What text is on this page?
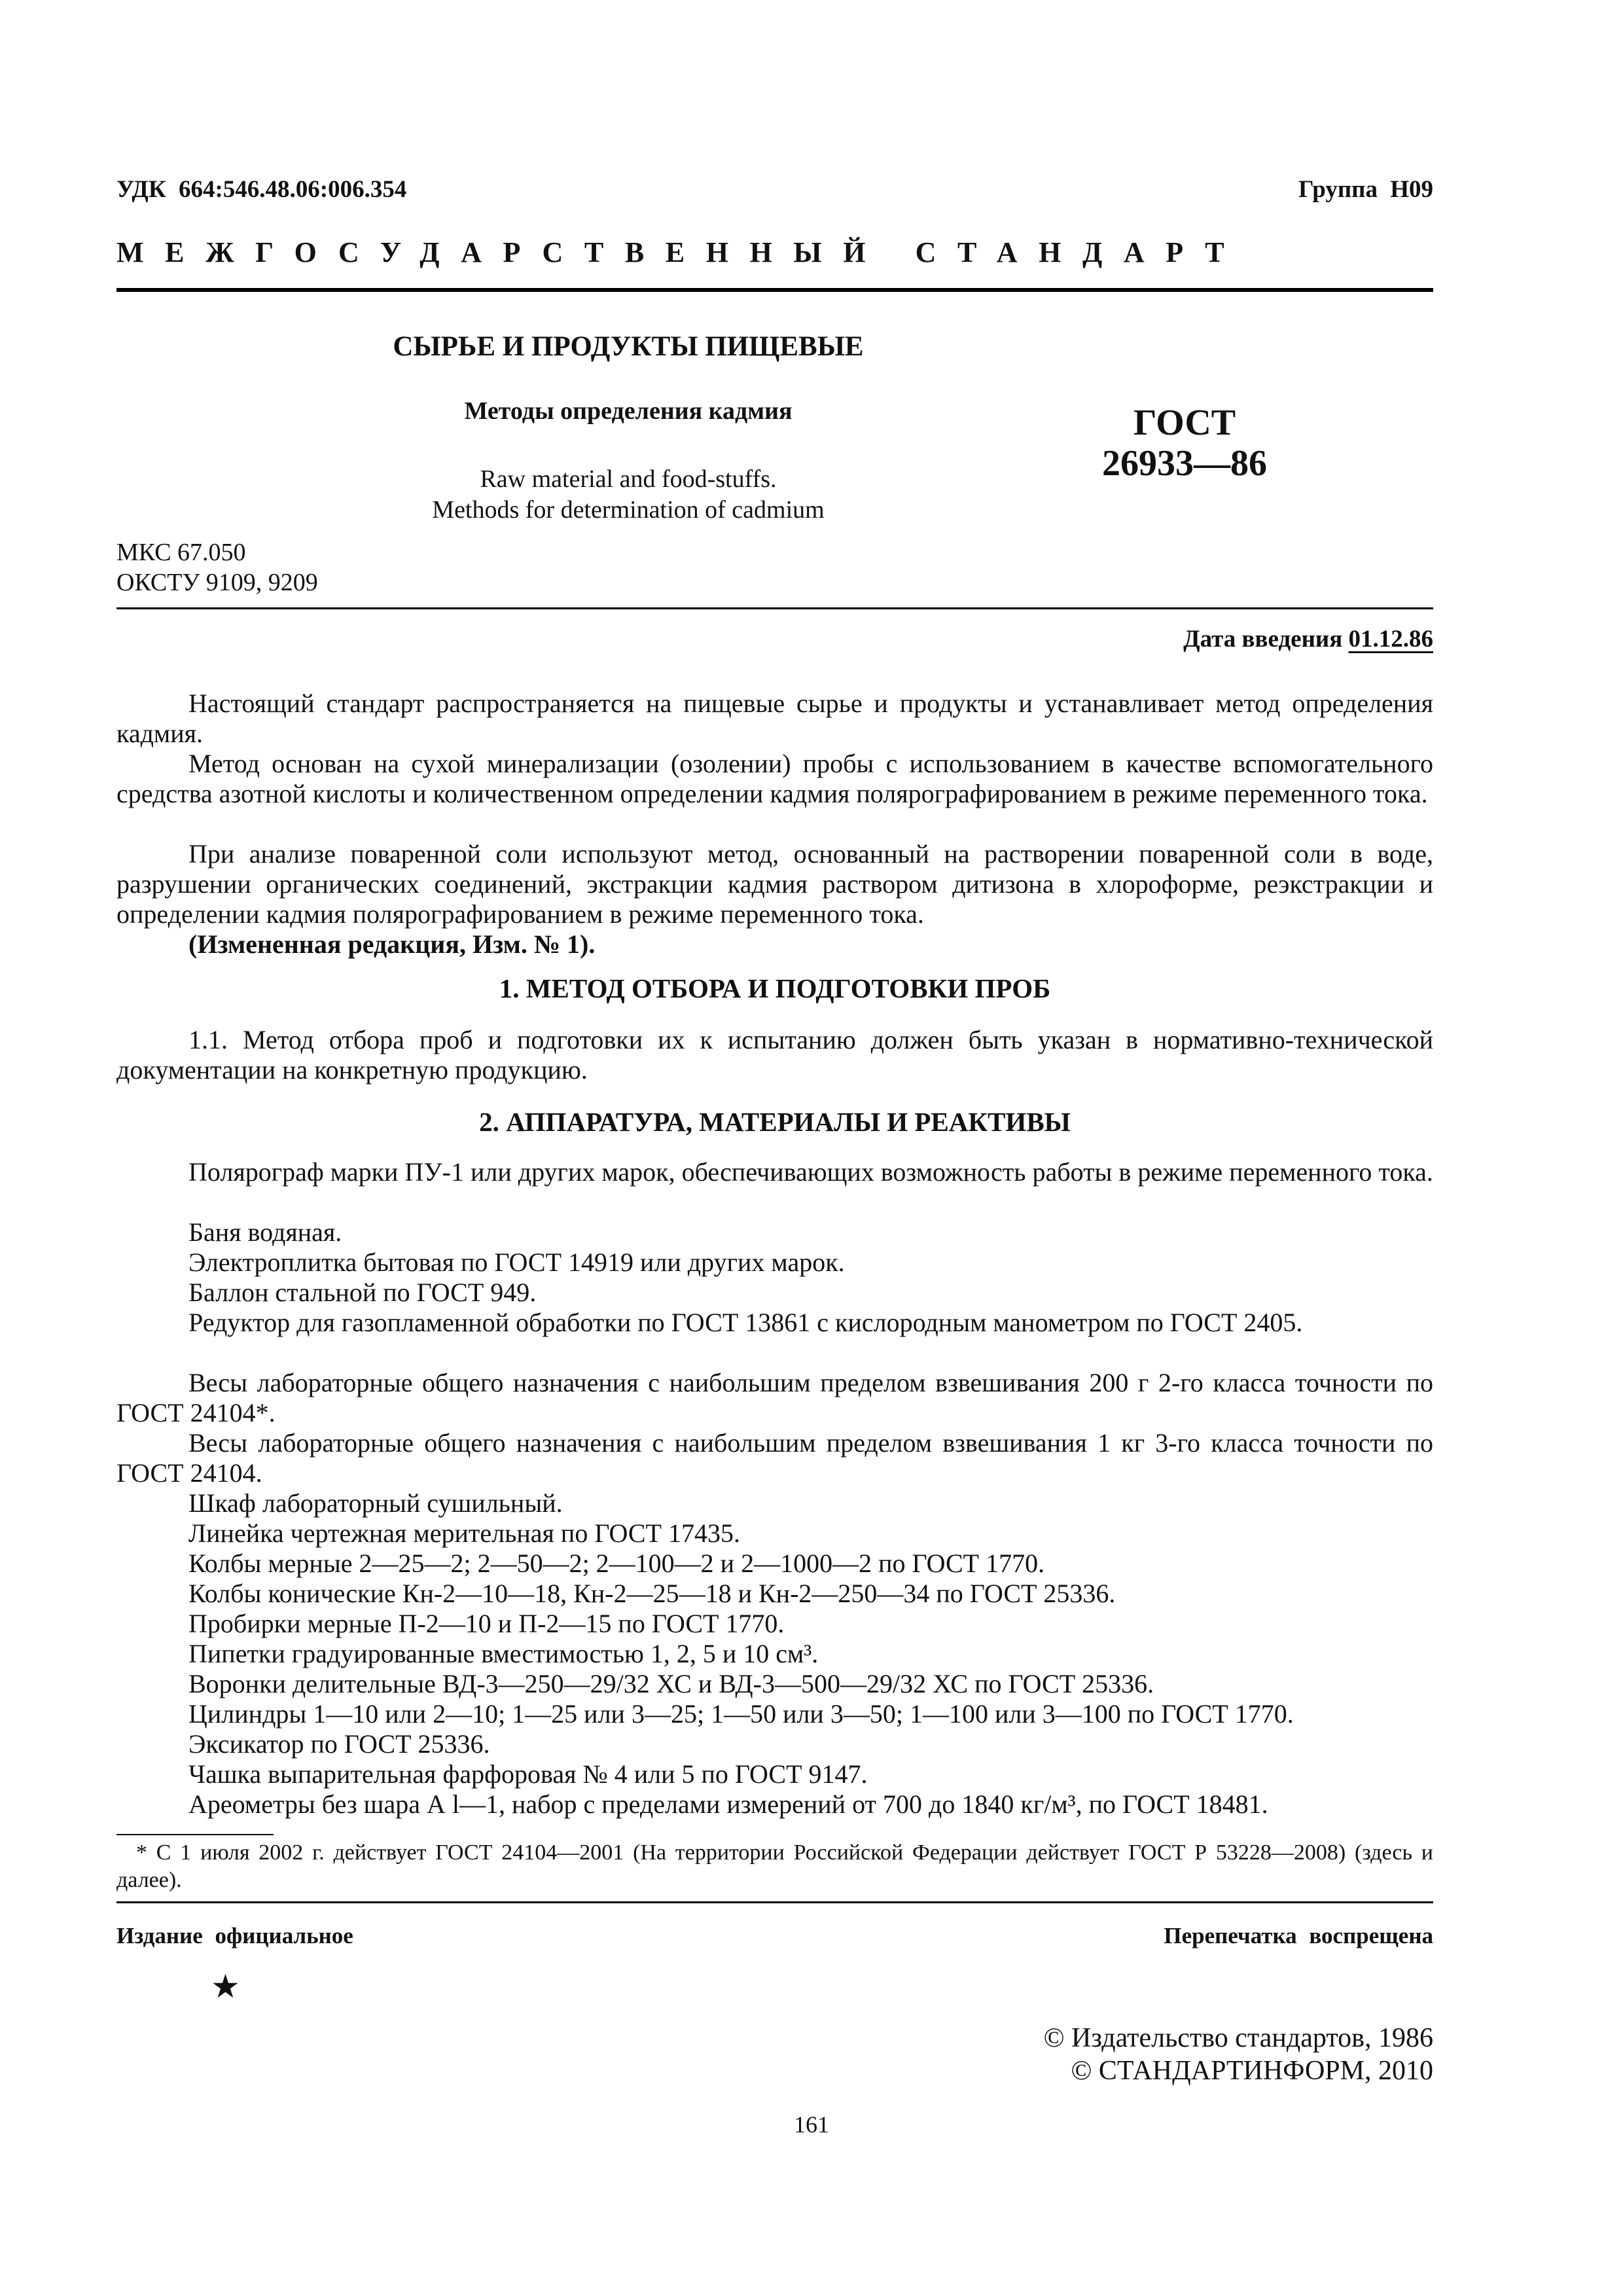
УДК 664:546.48.06:006.354	Группа Н09
МЕЖГОСУДАРСТВЕННЫЙ СТАНДАРТ
СЫРЬЕ И ПРОДУКТЫ ПИЩЕВЫЕ
Методы определения кадмия
Raw material and food-stuffs.
Methods for determination of cadmium
ГОСТ
26933—86
МКС 67.050
ОКСТУ 9109, 9209
Дата введения 01.12.86

Настоящий стандарт распространяется на пищевые сырье и продукты и устанавливает метод определения кадмия.

Метод основан на сухой минерализации (озолении) пробы с использованием в качестве вспомогательного средства азотной кислоты и количественном определении кадмия полярографированием в режиме переменного тока.

При анализе поваренной соли используют метод, основанный на растворении поваренной соли в воде, разрушении органических соединений, экстракции кадмия раствором дитизона в хлороформе, реэкстракции и определении кадмия полярографированием в режиме переменного тока.

(Измененная редакция, Изм. № 1).

1. МЕТОД ОТБОРА И ПОДГОТОВКИ ПРОБ

1.1. Метод отбора проб и подготовки их к испытанию должен быть указан в нормативно-технической документации на конкретную продукцию.

2. АППАРАТУРА, МАТЕРИАЛЫ И РЕАКТИВЫ

Полярограф марки ПУ-1 или других марок, обеспечивающих возможность работы в режиме переменного тока.

Баня водяная.

Электроплитка бытовая по ГОСТ 14919 или других марок.

Баллон стальной по ГОСТ 949.

Редуктор для газопламенной обработки по ГОСТ 13861 с кислородным манометром по ГОСТ 2405.

Весы лабораторные общего назначения с наибольшим пределом взвешивания 200 г 2-го класса точности по ГОСТ 24104*.

Весы лабораторные общего назначения с наибольшим пределом взвешивания 1 кг 3-го класса точности по ГОСТ 24104.

Шкаф лабораторный сушильный.

Линейка чертежная мерительная по ГОСТ 17435.

Колбы мерные 2—25—2; 2—50—2; 2—100—2 и 2—1000—2 по ГОСТ 1770.

Колбы конические Кн-2—10—18, Кн-2—25—18 и Кн-2—250—34 по ГОСТ 25336.

Пробирки мерные П-2—10 и П-2—15 по ГОСТ 1770.

Пипетки градуированные вместимостью 1, 2, 5 и 10 см³.

Воронки делительные ВД-3—250—29/32 ХС и ВД-3—500—29/32 ХС по ГОСТ 25336.

Цилиндры 1—10 или 2—10; 1—25 или 3—25; 1—50 или 3—50; 1—100 или 3—100 по ГОСТ 1770.

Эксикатор по ГОСТ 25336.

Чашка выпарительная фарфоровая № 4 или 5 по ГОСТ 9147.

Ареометры без шара А l—1, набор с пределами измерений от 700 до 1840 кг/м³, по ГОСТ 18481.

* С 1 июля 2002 г. действует ГОСТ 24104—2001 (На территории Российской Федерации действует ГОСТ Р 53228—2008) (здесь и далее).

Издание официальное	Перепечатка воспрещена
★
© Издательство стандартов, 1986
© СТАНДАРТИНФОРМ, 2010
161
